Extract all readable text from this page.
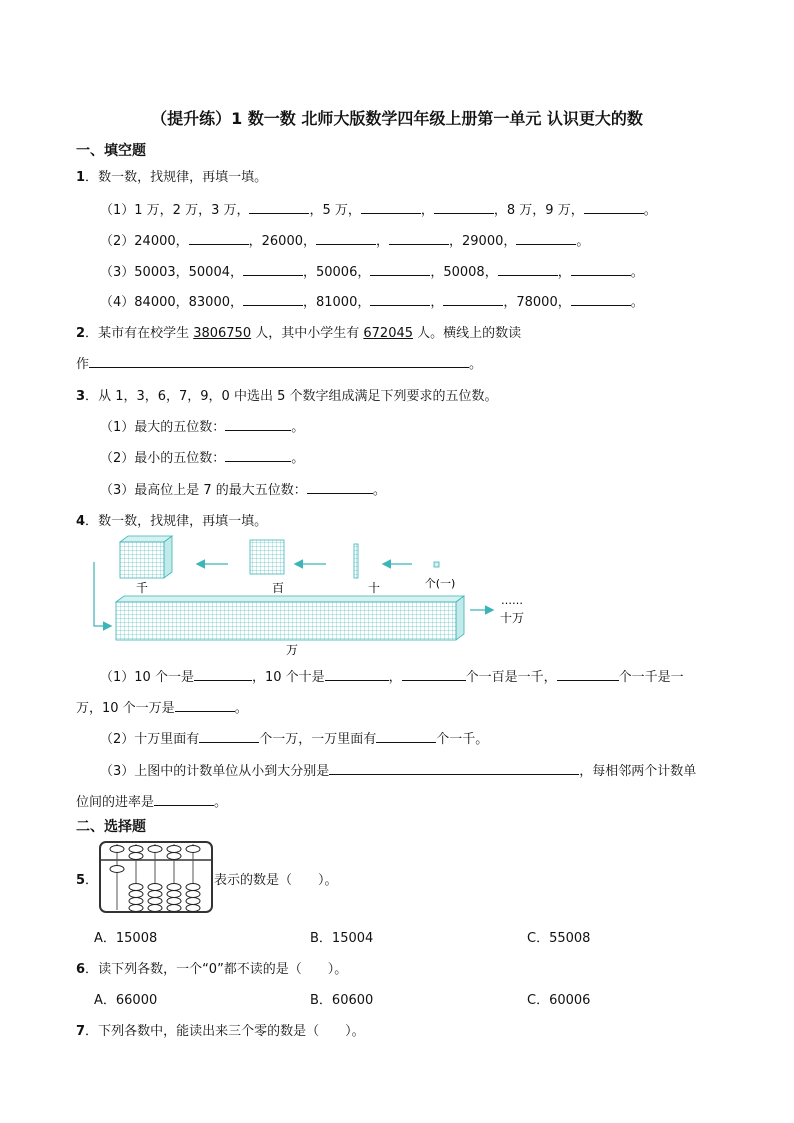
（提升练）1 数一数 北师大版数学四年级上册第一单元 认识更大的数
一、填空题
1．数一数，找规律，再填一填。
（1）1 万，2 万，3 万，	，5 万，	，	，8 万，9 万，	。
（2）24000，	，26000，	，	，29000，	。
（3）50003，50004，	，50006，	，50008，	，	。
（4）84000，83000，	，81000，	，	，78000，	。
2．某市有在校学生 3806750 人，其中小学生有 672045 人。横线上的数读
作	。
3．从 1，3，6，7，9，0 中选出 5 个数字组成满足下列要求的五位数。
（1）最大的五位数：	。
（2）最小的五位数：	。
（3）最高位上是 7 的最大五位数：	。
4．数一数，找规律，再填一填。
千	百	十	个(一)
万
……
十万
（1）10 个一是	，10 个十是	，	个一百是一千，	个一千是一
万，10 个一万是	。
（2）十万里面有	个一万，一万里面有	个一千。
（3）上图中的计数单位从小到大分别是	，每相邻两个计数单
位间的进率是	。
二、选择题
5．	表示的数是（　　）。
A．15008	B．15004	C．55008
6．读下列各数，一个“0”都不读的是（　　）。
A．66000	B．60600	C．60006
7．下列各数中，能读出来三个零的数是（　　）。
